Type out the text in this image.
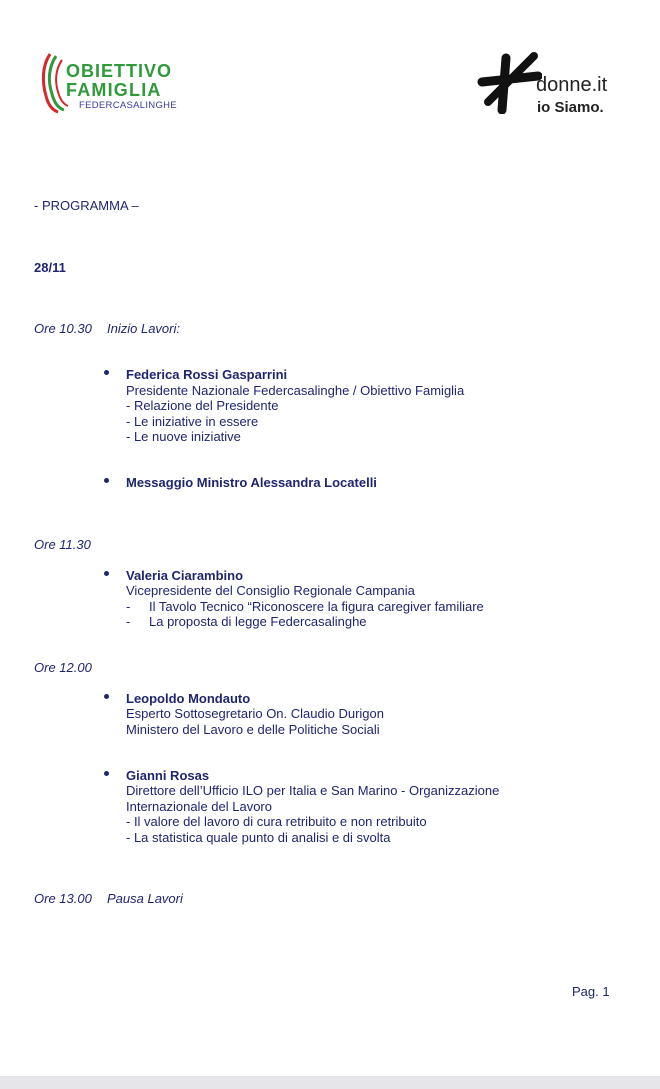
OBIETTIVO
FAMIGLIA
FEDERCASALINGHE
donne.it
io Siamo.
- PROGRAMMA –
28/11
Ore 10.30 Inizio Lavori:
Federica Rossi Gasparrini
Presidente Nazionale Federcasalinghe / Obiettivo Famiglia
- Relazione del Presidente
- Le iniziative in essere
- Le nuove iniziative
Messaggio Ministro Alessandra Locatelli
Ore 11.30
Valeria Ciarambino
Vicepresidente del Consiglio Regionale Campania
- Il Tavolo Tecnico “Riconoscere la figura caregiver familiare
- La proposta di legge Federcasalinghe
Ore 12.00
Leopoldo Mondauto
Esperto Sottosegretario On. Claudio Durigon
Ministero del Lavoro e delle Politiche Sociali
Gianni Rosas
Direttore dell’Ufficio ILO per Italia e San Marino - Organizzazione
Internazionale del Lavoro
- Il valore del lavoro di cura retribuito e non retribuito
- La statistica quale punto di analisi e di svolta
Ore 13.00 Pausa Lavori
Pag. 1
